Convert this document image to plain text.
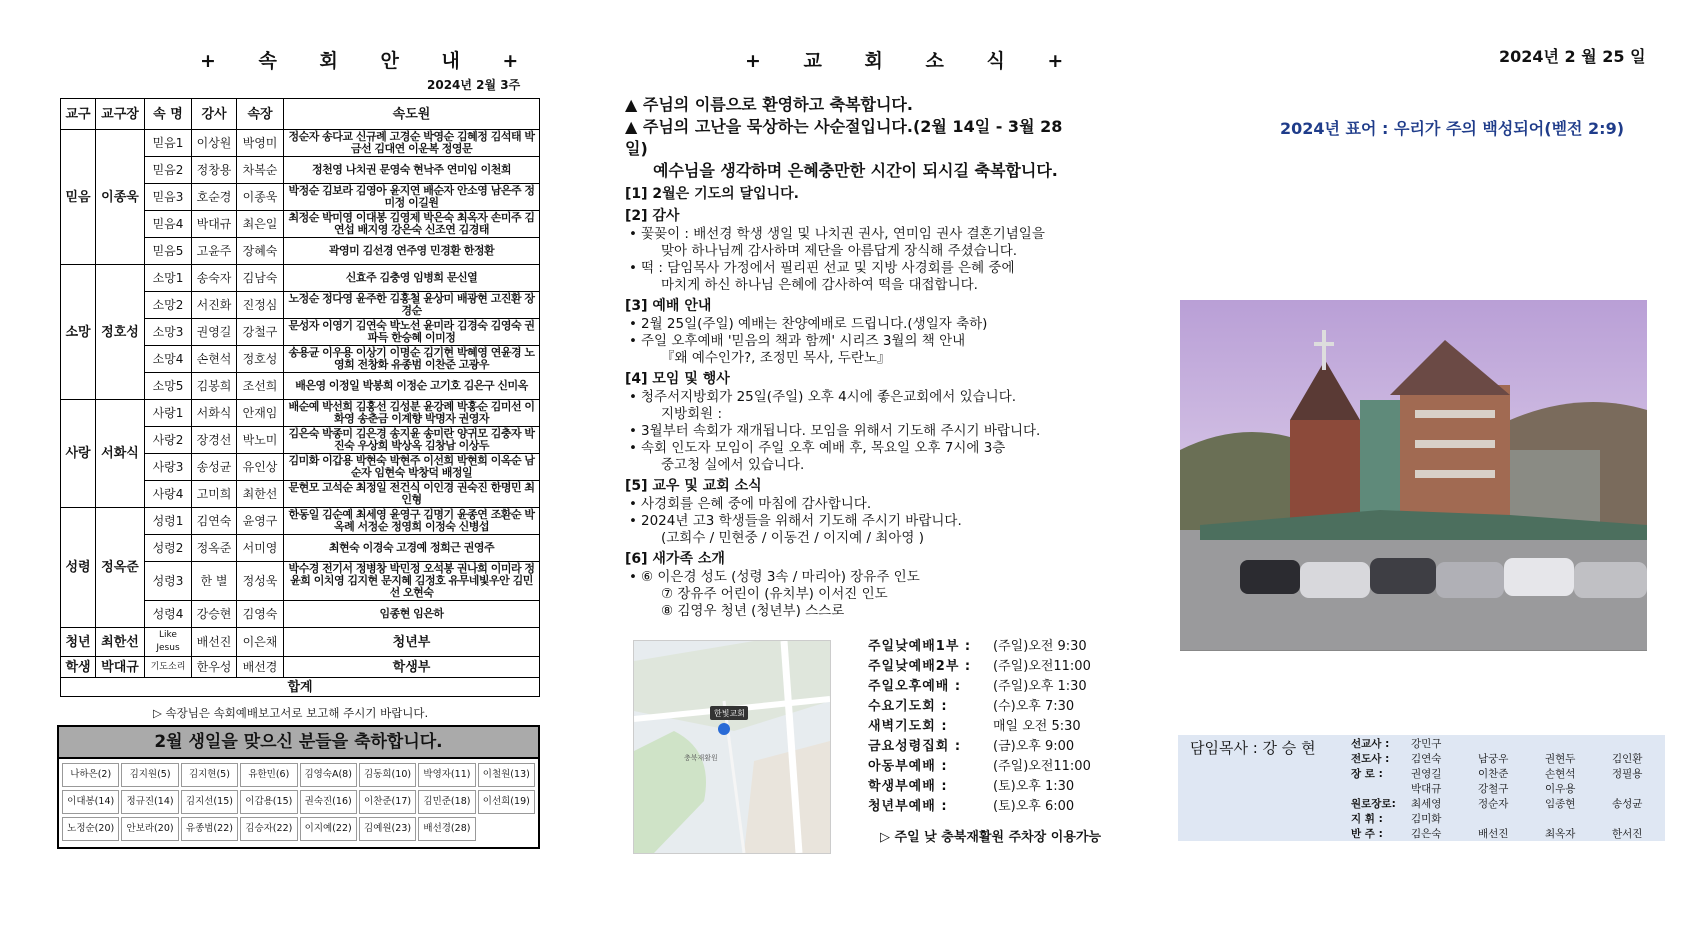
+ 속 회 안 내 +
2024년 2월 3주
교구	교구장	속 명	강사	속장	속도원
믿음	이종욱	믿음1	이상원	박영미	정순자 송다교 신규례 고경순 박영순 김혜정 김석태 박금선 김대연 이운복 정영문
		믿음2	정창용	차복순	정천영 나치권 문영숙 현낙주 연미임 이천희
		믿음3	호순경	이종욱	박정순 김보라 김영아 윤지연 배순자 안소영 남은주 정미정 이길원
		믿음4	박대규	최은일	최정순 박미영 이대봉 김영제 박은숙 최옥자 손미주 김연섭 배지영 강은숙 신조연 김경태
		믿음5	고윤주	장혜숙	곽영미 김선경 연주영 민경환 한정환
소망	정호성	소망1	송숙자	김남숙	신효주 김충영 임병희 문신열
		소망2	서진화	진정심	노정순 정다영 윤주한 김홍철 윤상미 배광현 고진환 장경순
		소망3	권영길	강철구	문성자 이영기 김연숙 박노선 윤미라 김경숙 김영숙 권파득 한승혜 이미정
		소망4	손현석	정호성	송용균 이우용 이상기 이명순 김기현 박혜영 연윤경 노영희 전창화 유종범 이찬준 고광우
		소망5	김봉희	조선희	배은영 이정일 박봉희 이정순 고기호 김은구 신미옥
사랑	서화식	사랑1	서화식	안재임	배순예 박선희 김홍선 김성분 윤강례 박홍순 김미선 이화영 송춘금 이계향 박명자 권영자
		사랑2	장경선	박노미	김은숙 박종미 김은경 송지윤 송미란 양귀모 김충자 박진숙 우상희 박상옥 김창남 이상두
		사랑3	송성균	유인상	김미화 이갑용 박현숙 박현주 이선희 박현희 이옥순 남순자 임현숙 박창덕 배정일
		사랑4	고미희	최한선	문현모 고석순 최정일 전건식 이인경 권숙진 한명민 최인형
성령	정옥준	성령1	김연숙	윤영구	한동일 김순예 최세영 윤영구 김명기 윤종연 조환순 박옥례 서정순 정영희 이정숙 신병섭
		성령2	정옥준	서미영	최현숙 이경숙 고경예 정희근 권영주
		성령3	한 별	정성욱	박수경 전기서 정병창 박민정 오석봉 권나희 이미라 정윤희 이치영 김지현 문지혜 김정호 유무네빛우안 김민선 오현숙
		성령4	강승현	김영숙	임종현 임은하
청년	최한선	Like Jesus	배선진	이은채	청년부
학생	박대규	기도소리	한우성	배선경	학생부
합계					
▷ 속장님은 속회예배보고서로 보고해 주시기 바랍니다.
2월 생일을 맞으신 분들을 축하합니다.
나하은(2)	김지원(5)	김지현(5)	유한민(6)	김영숙A(8)	김동희(10)	박영자(11)	이철원(13)
이대봉(14)	정규진(14)	김지선(15)	이갑용(15)	권숙진(16)	이찬준(17)	김민준(18)	이선희(19)
노정순(20)	안보라(20)	유종범(22)	김승자(22)	이지예(22)	김예원(23)	배선경(28)
+ 교 회 소 식 +
▲ 주님의 이름으로 환영하고 축복합니다.
▲ 주님의 고난을 묵상하는 사순절입니다.(2월 14일 - 3월 28일)
예수님을 생각하며 은혜충만한 시간이 되시길 축복합니다.
[1] 2월은 기도의 달입니다.
[2] 감사
• 꽃꽂이 : 배선경 학생 생일 및 나치권 권사, 연미임 권사 결혼기념일을
맞아 하나님께 감사하며 제단을 아름답게 장식해 주셨습니다.
• 떡 : 담임목사 가정에서 필리핀 선교 및 지방 사경회를 은혜 중에
마치게 하신 하나님 은혜에 감사하여 떡을 대접합니다.
[3] 예배 안내
• 2월 25일(주일) 예배는 찬양예배로 드립니다.(생일자 축하)
• 주일 오후예배 '믿음의 책과 함께' 시리즈 3월의 책 안내
『왜 예수인가?, 조정민 목사, 두란노』
[4] 모임 및 행사
• 청주서지방회가 25일(주일) 오후 4시에 좋은교회에서 있습니다.
지방회원 :
• 3월부터 속회가 재개됩니다. 모임을 위해서 기도해 주시기 바랍니다.
• 속회 인도자 모임이 주일 오후 예배 후, 목요일 오후 7시에 3층
중고청 실에서 있습니다.
[5] 교우 및 교회 소식
• 사경회를 은혜 중에 마침에 감사합니다.
• 2024년 고3 학생들을 위해서 기도해 주시기 바랍니다.
(고희수 / 민현중 / 이동건 / 이지예 / 최아영 )
[6] 새가족 소개
• ⑥ 이은경 성도 (성령 3속 / 마리아) 장유주 인도
⑦ 장유주 어린이 (유치부) 이서진 인도
⑧ 김영우 청년 (청년부) 스스로
한빛교회
충북재활원
주일낮예배1부 :	(주일)오전 9:30
주일낮예배2부 :	(주일)오전11:00
주일오후예배 :	(주일)오후 1:30
수요기도회 :	(수)오후 7:30
새벽기도회 :	매일 오전 5:30
금요성령집회 :	(금)오후 9:00
아동부예배 :	(주일)오전11:00
학생부예배 :	(토)오후 1:30
청년부예배 :	(토)오후 6:00
▷ 주일 낮 충북재활원 주차장 이용가능
2024년 2 월 25 일
2024년 표어 : 우리가 주의 백성되어(벧전 2:9)
담임목사 : 강 승 현	선교사 :	강민구
전도사 :	김연숙	남궁우	권현두	김인환
장 로 :	권영길	이찬준	손현석	정필용
박대규	강철구	이우용
원로장로:	최세영	정순자	임종현	송성균
지 휘 :	김미화
반 주 :	김은숙	배선진	최옥자	한서진
